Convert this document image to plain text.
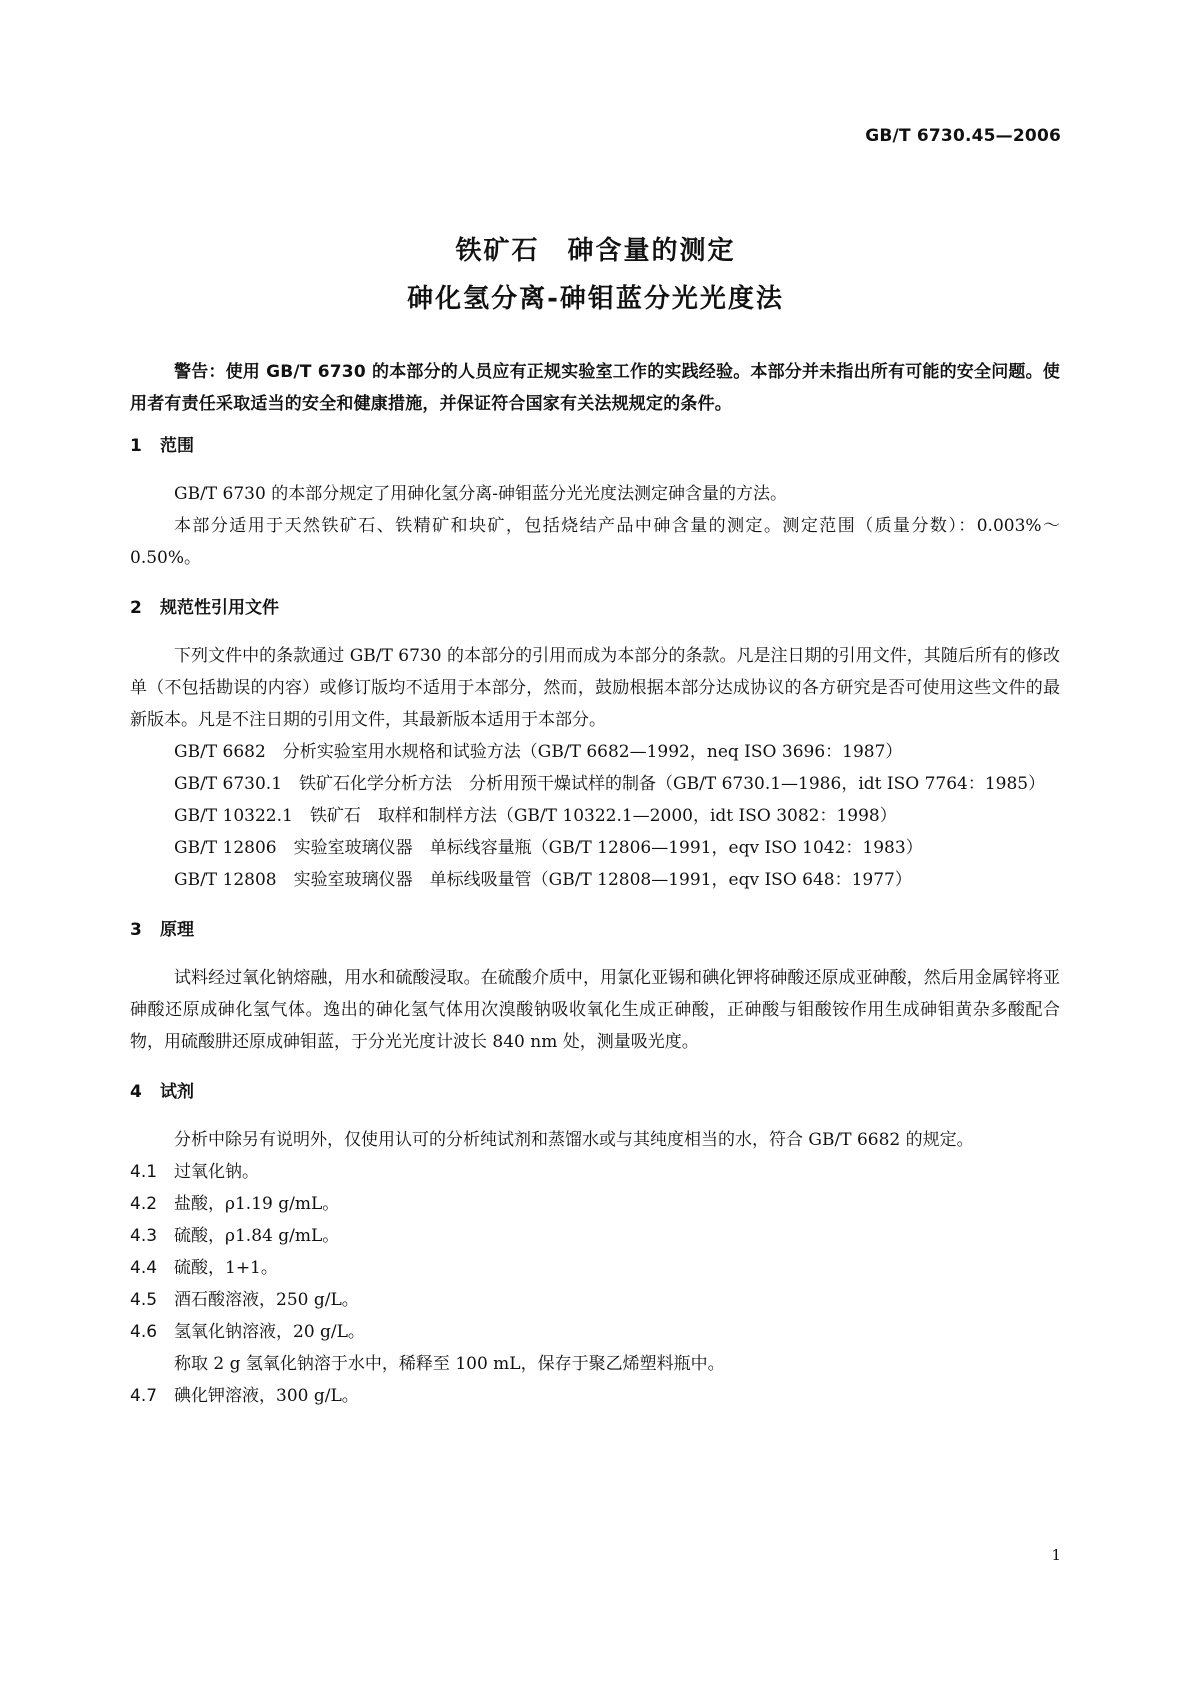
GB/T 6730.45—2006
铁矿石　砷含量的测定
砷化氢分离-砷钼蓝分光光度法

警告：使用 GB/T 6730 的本部分的人员应有正规实验室工作的实践经验。本部分并未指出所有可能的安全问题。使用者有责任采取适当的安全和健康措施，并保证符合国家有关法规规定的条件。

1 范围

GB/T 6730 的本部分规定了用砷化氢分离-砷钼蓝分光光度法测定砷含量的方法。

本部分适用于天然铁矿石、铁精矿和块矿，包括烧结产品中砷含量的测定。测定范围（质量分数）：0.003%～0.50%。

2 规范性引用文件

下列文件中的条款通过 GB/T 6730 的本部分的引用而成为本部分的条款。凡是注日期的引用文件，其随后所有的修改单（不包括勘误的内容）或修订版均不适用于本部分，然而，鼓励根据本部分达成协议的各方研究是否可使用这些文件的最新版本。凡是不注日期的引用文件，其最新版本适用于本部分。

GB/T 6682　分析实验室用水规格和试验方法（GB/T 6682—1992，neq ISO 3696：1987）

GB/T 6730.1　铁矿石化学分析方法　分析用预干燥试样的制备（GB/T 6730.1—1986，idt ISO 7764：1985）

GB/T 10322.1　铁矿石　取样和制样方法（GB/T 10322.1—2000，idt ISO 3082：1998）

GB/T 12806　实验室玻璃仪器　单标线容量瓶（GB/T 12806—1991，eqv ISO 1042：1983）

GB/T 12808　实验室玻璃仪器　单标线吸量管（GB/T 12808—1991，eqv ISO 648：1977）

3 原理

试料经过氧化钠熔融，用水和硫酸浸取。在硫酸介质中，用氯化亚锡和碘化钾将砷酸还原成亚砷酸，然后用金属锌将亚砷酸还原成砷化氢气体。逸出的砷化氢气体用次溴酸钠吸收氧化生成正砷酸，正砷酸与钼酸铵作用生成砷钼黄杂多酸配合物，用硫酸肼还原成砷钼蓝，于分光光度计波长 840 nm 处，测量吸光度。

4 试剂

分析中除另有说明外，仅使用认可的分析纯试剂和蒸馏水或与其纯度相当的水，符合 GB/T 6682 的规定。

4.1 过氧化钠。
4.2 盐酸，ρ1.19 g/mL。
4.3 硫酸，ρ1.84 g/mL。
4.4 硫酸，1+1。
4.5 酒石酸溶液，250 g/L。
4.6 氢氧化钠溶液，20 g/L。

称取 2 g 氢氧化钠溶于水中，稀释至 100 mL，保存于聚乙烯塑料瓶中。

4.7 碘化钾溶液，300 g/L。
1
